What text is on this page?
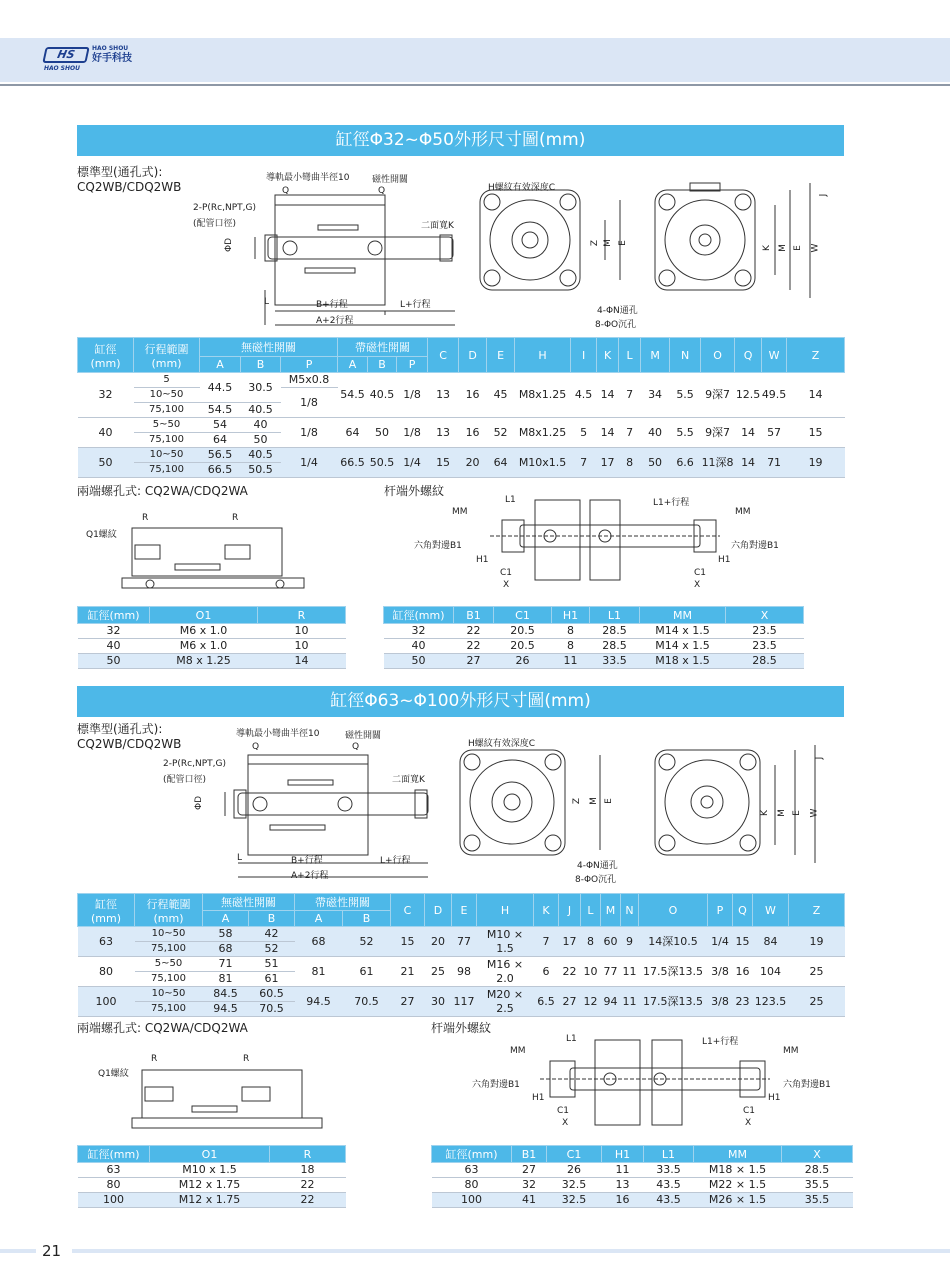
HS
HAO SHOU
HAO SHOU
好手科技
缸徑Φ32~Φ50外形尺寸圖(mm)
標準型(通孔式):
CQ2WB/CDQ2WB
導軌最小彎曲半徑10	磁性開關
Q	Q
2-P(Rc,NPT,G)
(配管口徑)	二面寬K
ΦD
L	B+行程	L+行程
A+2行程
H螺紋有效深度C
Z M E
4-ΦN通孔
8-ΦO沉孔
J
K M E W
缸徑
(mm)	行程範圍
(mm)	無磁性開關			帶磁性開關			C	D	E	H	I	K	L	M	N	O	Q	W	Z
		A	B	P	A	B	P													
32	5	44.5	30.5	M5x0.8	54.5	40.5	1/8	13	16	45	M8x1.25	4.5	14	7	34	5.5	9深7	12.5	49.5	14
	10~50			1/8																
	75,100	54.5	40.5																	
40	5~50	54	40	1/8	64	50	1/8	13	16	52	M8x1.25	5	14	7	40	5.5	9深7	14	57	15
	75,100	64	50																	
50	10~50	56.5	40.5	1/4	66.5	50.5	1/4	15	20	64	M10x1.5	7	17	8	50	6.6	11深8	14	71	19
	75,100	66.5	50.5																	
兩端螺孔式: CQ2WA/CDQ2WA	杆端外螺紋
R	R
Q1螺紋
L1	L1+行程
MM	MM
六角對邊B1	六角對邊B1
H1	H1
C1	C1
X	X
缸徑(mm)	O1	R
32	M6 x 1.0	10
40	M6 x 1.0	10
50	M8 x 1.25	14
缸徑(mm)	B1	C1	H1	L1	MM	X
32	22	20.5	8	28.5	M14 x 1.5	23.5
40	22	20.5	8	28.5	M14 x 1.5	23.5
50	27	26	11	33.5	M18 x 1.5	28.5
缸徑Φ63~Φ100外形尺寸圖(mm)
標準型(通孔式):
CQ2WB/CDQ2WB
導軌最小彎曲半徑10	磁性開關
2-P(Rc,NPT,G)
(配管口徑)	二面寬K
Q	Q
ΦD
L	B+行程	L+行程
A+2行程
H螺紋有效深度C
Z M E
4-ΦN通孔
8-ΦO沉孔
J
K M E W
缸徑
(mm)	行程範圍
(mm)	無磁性開關		帶磁性開關		C	D	E	H	K	J	L	M	N	O	P	Q	W	Z
		A	B	A	B														
63	10~50	58	42	68	52	15	20	77	M10 × 1.5	7	17	8	60	9	14深10.5	1/4	15	84	19
	75,100	68	52																
80	5~50	71	51	81	61	21	25	98	M16 × 2.0	6	22	10	77	11	17.5深13.5	3/8	16	104	25
	75,100	81	61																
100	10~50	84.5	60.5	94.5	70.5	27	30	117	M20 × 2.5	6.5	27	12	94	11	17.5深13.5	3/8	23	123.5	25
	75,100	94.5	70.5																
兩端螺孔式: CQ2WA/CDQ2WA	杆端外螺紋
R	R
Q1螺紋
L1	L1+行程
MM	MM
六角對邊B1	六角對邊B1
H1	H1
C1	C1
X	X
缸徑(mm)	O1	R
63	M10 x 1.5	18
80	M12 x 1.75	22
100	M12 x 1.75	22
缸徑(mm)	B1	C1	H1	L1	MM	X
63	27	26	11	33.5	M18 × 1.5	28.5
80	32	32.5	13	43.5	M22 × 1.5	35.5
100	41	32.5	16	43.5	M26 × 1.5	35.5
21
